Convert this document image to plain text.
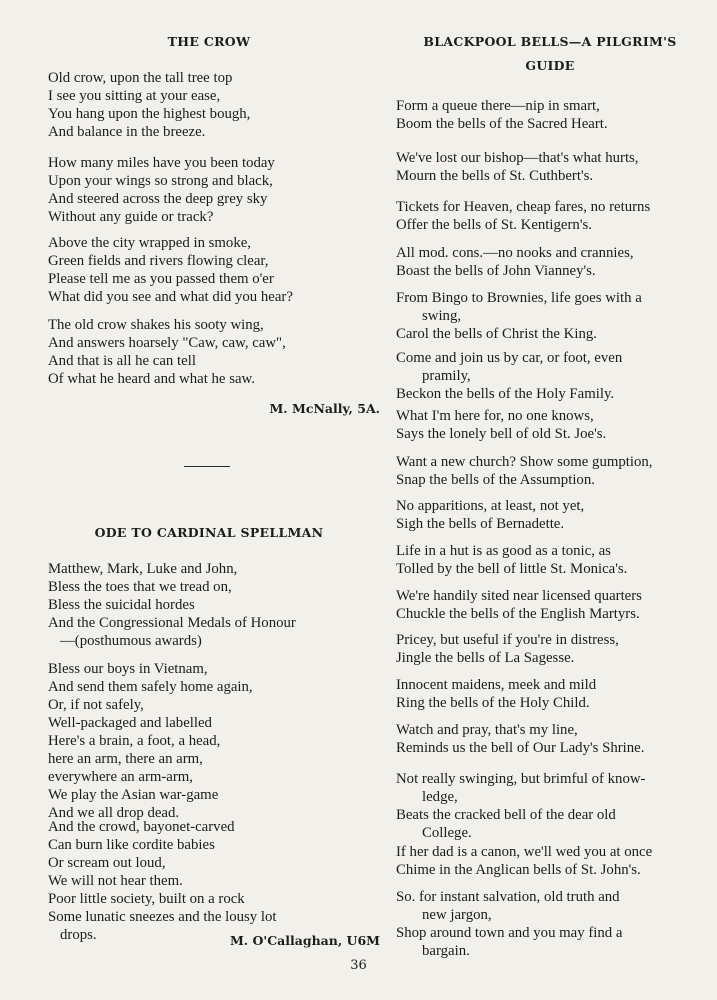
THE CROW
Old crow, upon the tall tree top
I see you sitting at your ease,
You hang upon the highest bough,
And balance in the breeze.
How many miles have you been today
Upon your wings so strong and black,
And steered across the deep grey sky
Without any guide or track?
Above the city wrapped in smoke,
Green fields and rivers flowing clear,
Please tell me as you passed them o'er
What did you see and what did you hear?
The old crow shakes his sooty wing,
And answers hoarsely "Caw, caw, caw",
And that is all he can tell
Of what he heard and what he saw.
M. McNally, 5A.
ODE TO CARDINAL SPELLMAN
Matthew, Mark, Luke and John,
Bless the toes that we tread on,
Bless the suicidal hordes
And the Congressional Medals of Honour
—(posthumous awards)
Bless our boys in Vietnam,
And send them safely home again,
Or, if not safely,
Well-packaged and labelled
Here's a brain, a foot, a head,
here an arm, there an arm,
everywhere an arm-arm,
We play the Asian war-game
And we all drop dead.
And the crowd, bayonet-carved
Can burn like cordite babies
Or scream out loud,
We will not hear them.
Poor little society, built on a rock
Some lunatic sneezes and the lousy lot
drops.	M. O'Callaghan, U6M
BLACKPOOL BELLS—A PILGRIM'S
GUIDE
Form a queue there—nip in smart,
Boom the bells of the Sacred Heart.
We've lost our bishop—that's what hurts,
Mourn the bells of St. Cuthbert's.
Tickets for Heaven, cheap fares, no returns
Offer the bells of St. Kentigern's.
All mod. cons.—no nooks and crannies,
Boast the bells of John Vianney's.
From Bingo to Brownies, life goes with a
swing,
Carol the bells of Christ the King.
Come and join us by car, or foot, even
pramily,
Beckon the bells of the Holy Family.
What I'm here for, no one knows,
Says the lonely bell of old St. Joe's.
Want a new church? Show some gumption,
Snap the bells of the Assumption.
No apparitions, at least, not yet,
Sigh the bells of Bernadette.
Life in a hut is as good as a tonic, as
Tolled by the bell of little St. Monica's.
We're handily sited near licensed quarters
Chuckle the bells of the English Martyrs.
Pricey, but useful if you're in distress,
Jingle the bells of La Sagesse.
Innocent maidens, meek and mild
Ring the bells of the Holy Child.
Watch and pray, that's my line,
Reminds us the bell of Our Lady's Shrine.
Not really swinging, but brimful of know-
ledge,
Beats the cracked bell of the dear old
College.
If her dad is a canon, we'll wed you at once
Chime in the Anglican bells of St. John's.
So. for instant salvation, old truth and
new jargon,
Shop around town and you may find a
bargain.
36
